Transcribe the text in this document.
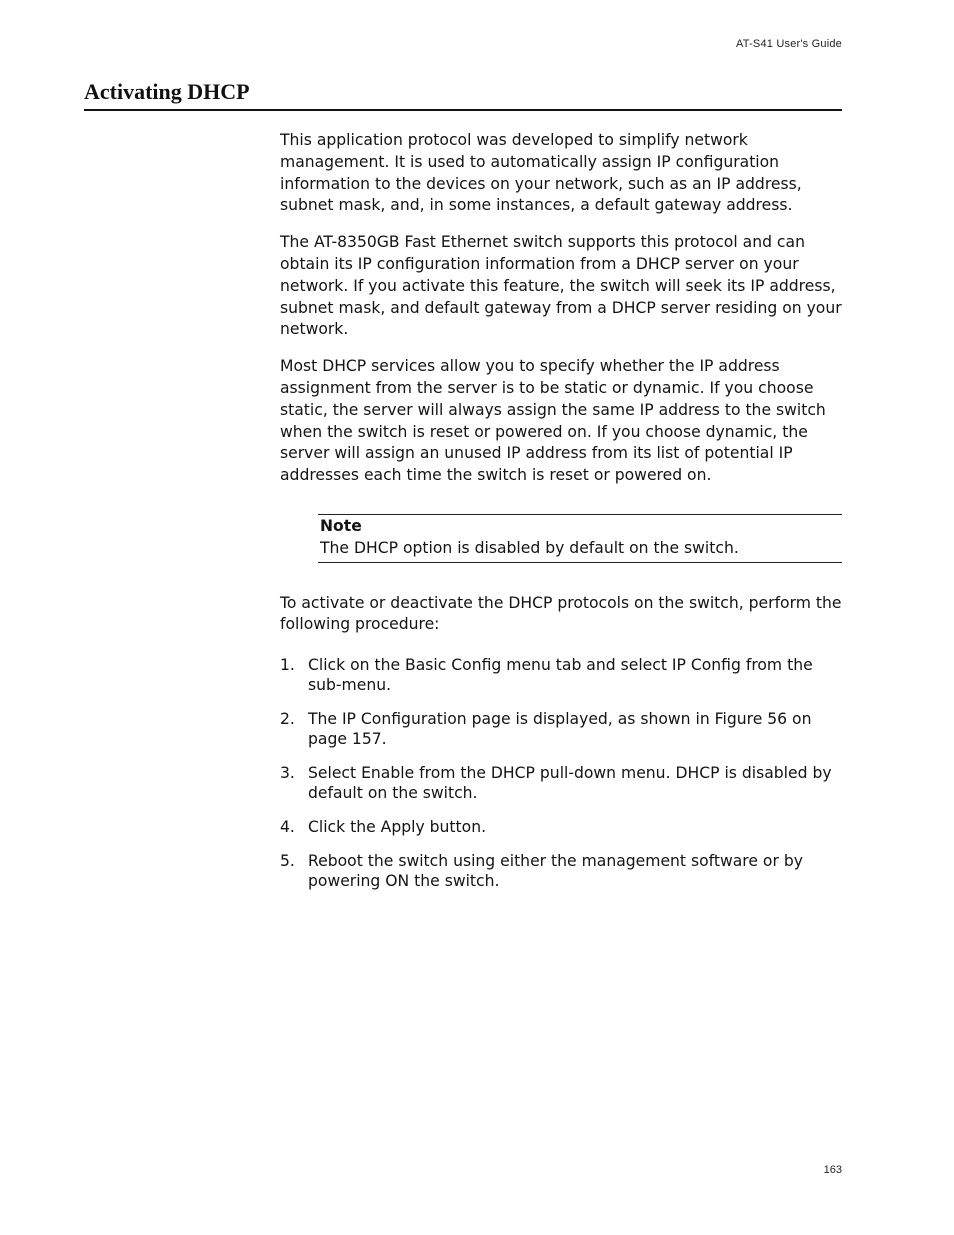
AT-S41 User's Guide
Activating DHCP

This application protocol was developed to simplify network management. It is used to automatically assign IP configuration information to the devices on your network, such as an IP address, subnet mask, and, in some instances, a default gateway address.

The AT-8350GB Fast Ethernet switch supports this protocol and can obtain its IP configuration information from a DHCP server on your network. If you activate this feature, the switch will seek its IP address, subnet mask, and default gateway from a DHCP server residing on your network.

Most DHCP services allow you to specify whether the IP address assignment from the server is to be static or dynamic. If you choose static, the server will always assign the same IP address to the switch when the switch is reset or powered on. If you choose dynamic, the server will assign an unused IP address from its list of potential IP addresses each time the switch is reset or powered on.

Note
The DHCP option is disabled by default on the switch.

To activate or deactivate the DHCP protocols on the switch, perform the following procedure:

1. Click on the Basic Config menu tab and select IP Config from the sub-menu.
2. The IP Configuration page is displayed, as shown in Figure 56 on page 157.
3. Select Enable from the DHCP pull-down menu. DHCP is disabled by default on the switch.
4. Click the Apply button.
5. Reboot the switch using either the management software or by powering ON the switch.
163
